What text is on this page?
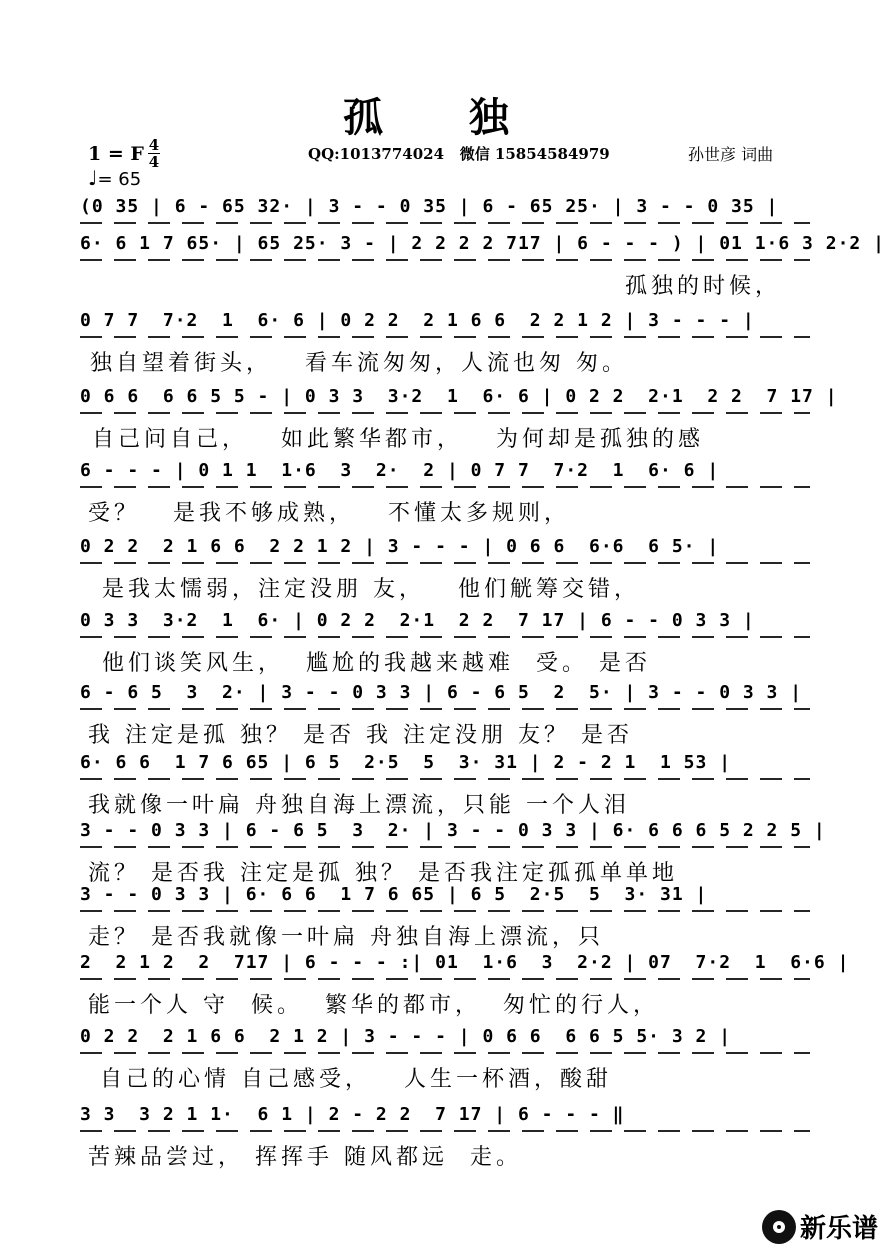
孤 独
1 = F 4
4
♩= 65
QQ:1013774024   微信 15854584979	孙世彦 词曲
(0 35 | 6 - 65 32· | 3 - - 0 35 | 6 - 65 25· | 3 - - 0 35 |
6· 6 1 7 65· | 65 25· 3 - | 2 2 2 2 717 | 6 - - - ) | 01 1·6 3 2·2 |
孤独的时候，
0 7 7  7·2  1  6· 6 | 0 2 2  2 1 6 6  2 2 1 2 | 3 - - - |
独自望着街头，   看车流匆匆，人流也匆 匆。
0 6 6  6 6 5 5 - | 0 3 3  3·2  1  6· 6 | 0 2 2  2·1  2 2  7 17 |
自己问自己，   如此繁华都市，   为何却是孤独的感
6 - - - | 0 1 1  1·6  3  2·  2 | 0 7 7  7·2  1  6· 6 |
受？   是我不够成熟，   不懂太多规则，
0 2 2  2 1 6 6  2 2 1 2 | 3 - - - | 0 6 6  6·6  6 5· |
是我太懦弱，注定没朋 友，   他们觥筹交错，
0 3 3  3·2  1  6· | 0 2 2  2·1  2 2  7 17 | 6 - - 0 3 3 |
他们谈笑风生，  尴尬的我越来越难  受。 是否
6 - 6 5  3  2· | 3 - - 0 3 3 | 6 - 6 5  2  5· | 3 - - 0 3 3 |
我 注定是孤 独？ 是否 我 注定没朋 友？ 是否
6· 6 6  1 7 6 65 | 6 5  2·5  5  3· 31 | 2 - 2 1  1 53 |
我就像一叶扁 舟独自海上漂流，只能 一个人泪
3 - - 0 3 3 | 6 - 6 5  3  2· | 3 - - 0 3 3 | 6· 6 6 6 5 2 2 5 |
流？ 是否我 注定是孤 独？ 是否我注定孤孤单单地
3 - - 0 3 3 | 6· 6 6  1 7 6 65 | 6 5  2·5  5  3· 31 |
走？ 是否我就像一叶扁 舟独自海上漂流，只
2  2 1 2  2  717 | 6 - - - :| 01  1·6  3  2·2 | 07  7·2  1  6·6 |
能一个人 守  候。  繁华的都市，  匆忙的行人，
0 2 2  2 1 6 6  2 1 2 | 3 - - - | 0 6 6  6 6 5 5· 3 2 |
自己的心情 自己感受，   人生一杯酒，酸甜
3 3  3 2 1 1·  6 1 | 2 - 2 2  7 17 | 6 - - - ‖
苦辣品尝过， 挥挥手 随风都远  走。
新乐谱
